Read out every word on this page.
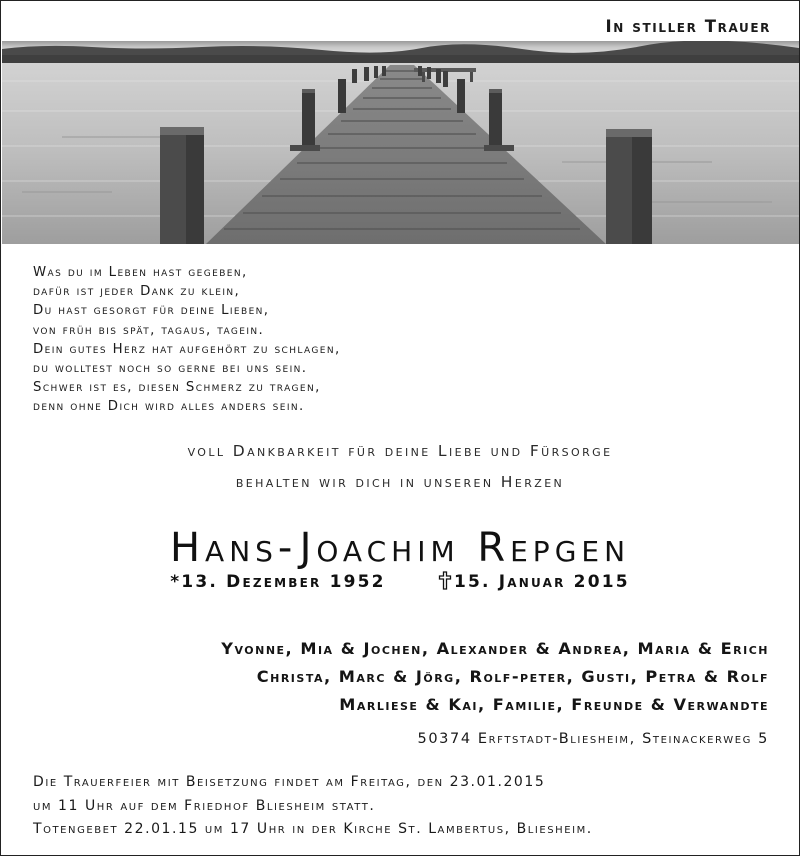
In stiller Trauer
Was du im Leben hast gegeben,
dafür ist jeder Dank zu klein,
Du hast gesorgt für deine Lieben,
von früh bis spät, tagaus, tagein.
Dein gutes Herz hat aufgehört zu schlagen,
du wolltest noch so gerne bei uns sein.
Schwer ist es, diesen Schmerz zu tragen,
denn ohne Dich wird alles anders sein.
voll Dankbarkeit für deine Liebe und Fürsorge
behalten wir dich in unseren Herzen
Hans-Joachim Repgen
*13. Dezember 1952	15. Januar 2015
Yvonne, Mia & Jochen, Alexander & Andrea, Maria & Erich
Christa, Marc & Jörg, Rolf-peter, Gusti, Petra & Rolf
Marliese & Kai, Familie, Freunde & Verwandte
50374 Erftstadt-Bliesheim, Steinackerweg 5
Die Trauerfeier mit Beisetzung findet am Freitag, den 23.01.2015
um 11 Uhr auf dem Friedhof Bliesheim statt.
Totengebet 22.01.15 um 17 Uhr in der Kirche St. Lambertus, Bliesheim.
